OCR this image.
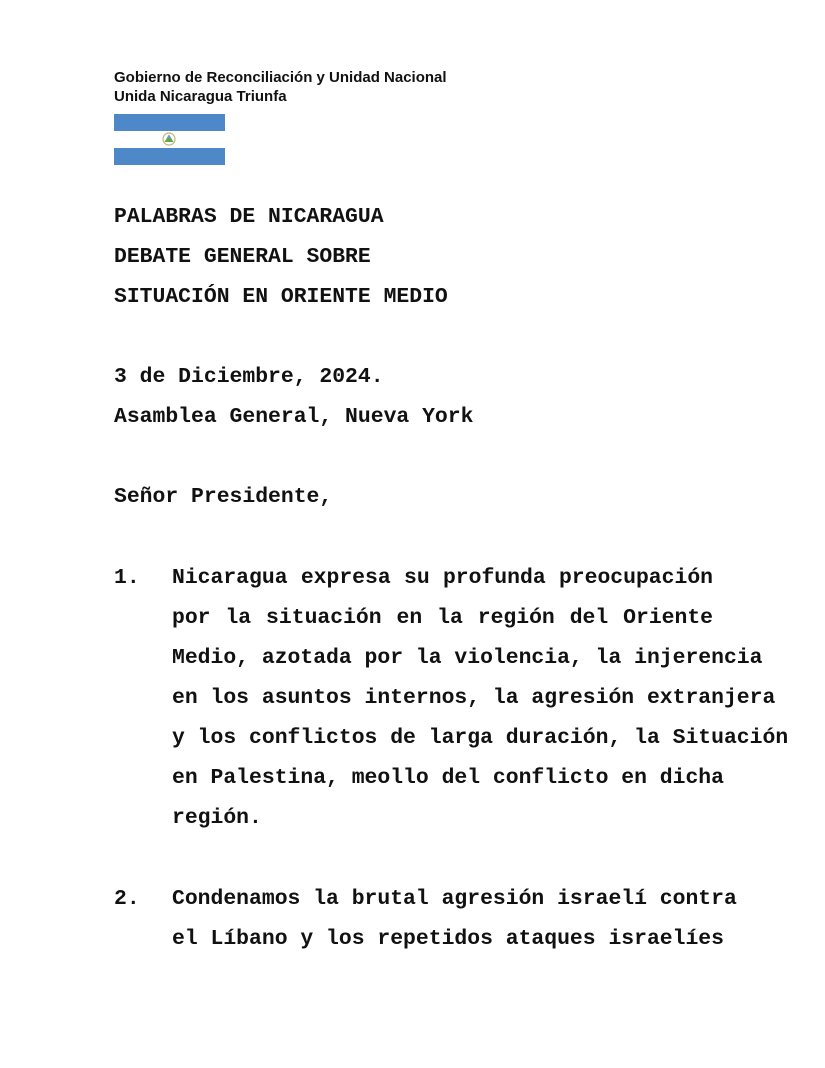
Gobierno de Reconciliación y Unidad Nacional
Unida Nicaragua Triunfa
PALABRAS DE NICARAGUA
DEBATE GENERAL SOBRE
SITUACIÓN EN ORIENTE MEDIO
3 de Diciembre, 2024.
Asamblea General, Nueva York
Señor Presidente,
1. Nicaragua expresa su profunda preocupación
por la situación en la región del Oriente
Medio, azotada por la violencia, la injerencia
en los asuntos internos, la agresión extranjera
y los conflictos de larga duración, la Situación
en Palestina, meollo del conflicto en dicha
región.
2. Condenamos la brutal agresión israelí contra
el Líbano y los repetidos ataques israelíes
